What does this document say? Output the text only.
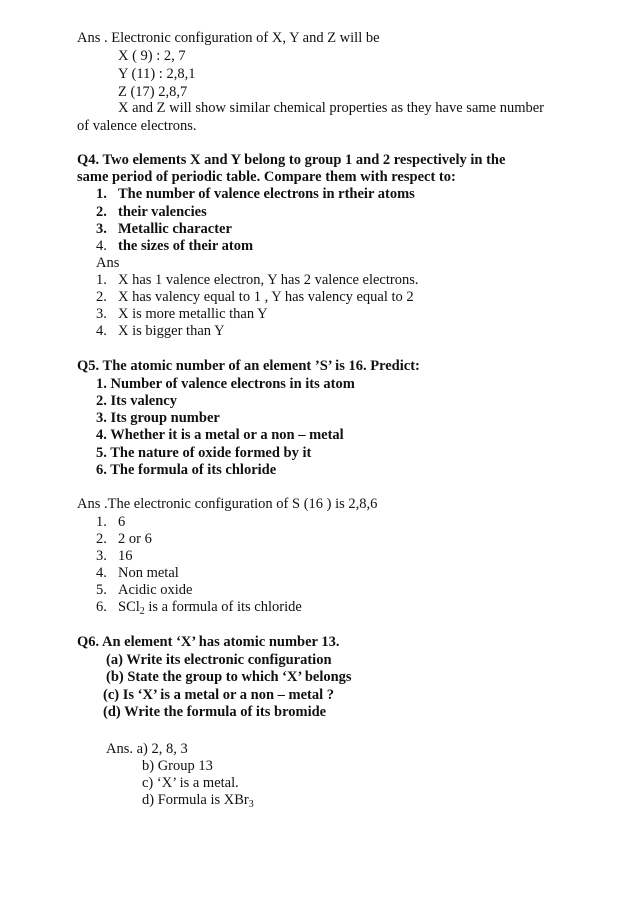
Ans . Electronic configuration of X, Y and Z will be
X ( 9) : 2, 7
Y (11) : 2,8,1
Z (17) 2,8,7
X and Z will show similar chemical properties as they have same number
of valence electrons.
Q4. Two elements X and Y belong to group 1 and 2 respectively in the
same period of periodic table. Compare them with respect to:
1. The number of valence electrons in rtheir atoms
2. their valencies
3. Metallic character
4. the sizes of their atom
Ans
1. X has 1 valence electron, Y has 2 valence electrons.
2. X has valency equal to 1 , Y has valency equal to 2
3. X is more metallic than Y
4. X is bigger than Y
Q5. The atomic number of an element ’S’ is 16. Predict:
1. Number of valence electrons in its atom
2. Its valency
3. Its group number
4. Whether it is a metal or a non – metal
5. The nature of oxide formed by it
6. The formula of its chloride
Ans .The electronic configuration of S (16 ) is 2,8,6
1. 6
2. 2 or 6
3. 16
4. Non metal
5. Acidic oxide
6. SCl$_2$ is a formula of its chloride
Q6. An element ‘X’ has atomic number 13.
(a) Write its electronic configuration
(b) State the group to which ‘X’ belongs
(c) Is ‘X’ is a metal or a non – metal ?
(d) Write the formula of its bromide
Ans. a) 2, 8, 3
b) Group 13
c) ‘X’ is a metal.
d) Formula is XBr$_3$
